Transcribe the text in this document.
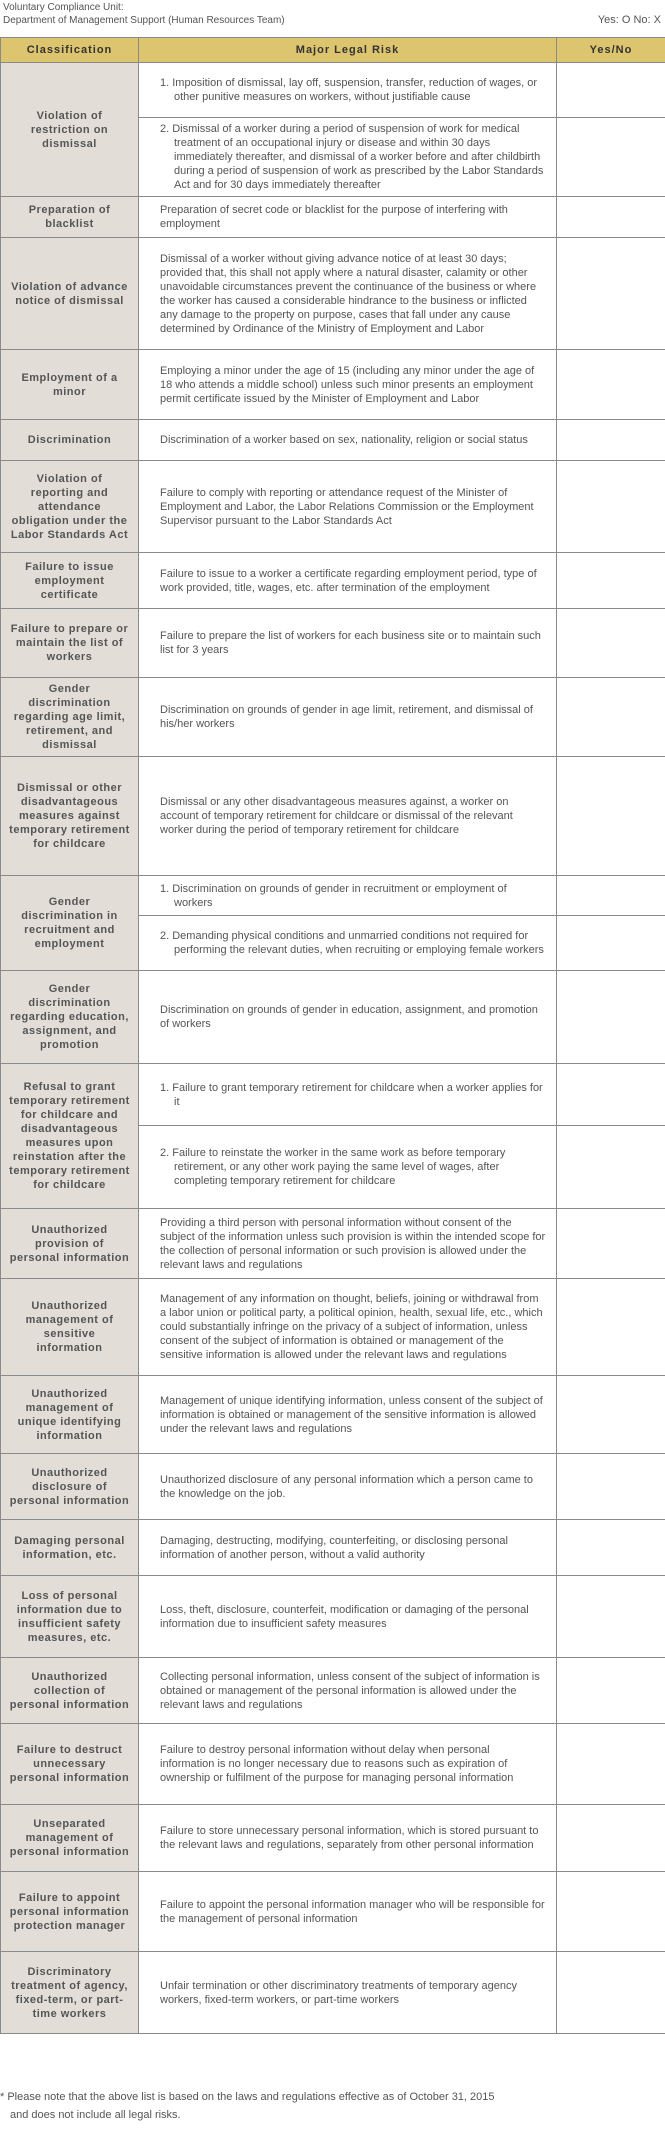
Voluntary Compliance Unit:
Department of Management Support (Human Resources Team)	Yes: O No: X
Classification	Major Legal Risk	Yes/No
Violation of restriction on dismissal	1. Imposition of dismissal, lay off, suspension, transfer, reduction of wages, or other punitive measures on workers, without justifiable cause	

	2. Dismissal of a worker during a period of suspension of work for medical treatment of an occupational injury or disease and within 30 days immediately thereafter, and dismissal of a worker before and after childbirth during a period of suspension of work as prescribed by the Labor Standards Act and for 30 days immediately thereafter	

Preparation of blacklist	Preparation of secret code or blacklist for the purpose of interfering with employment	
Violation of advance notice of dismissal	Dismissal of a worker without giving advance notice of at least 30 days; provided that, this shall not apply where a natural disaster, calamity or other unavoidable circumstances prevent the continuance of the business or where the worker has caused a considerable hindrance to the business or inflicted any damage to the property on purpose, cases that fall under any cause determined by Ordinance of the Ministry of Employment and Labor	
Employment of a minor	Employing a minor under the age of 15 (including any minor under the age of 18 who attends a middle school) unless such minor presents an employment permit certificate issued by the Minister of Employment and Labor	
Discrimination	Discrimination of a worker based on sex, nationality, religion or social status	
Violation of reporting and attendance obligation under the Labor Standards Act	Failure to comply with reporting or attendance request of the Minister of Employment and Labor, the Labor Relations Commission or the Employment Supervisor pursuant to the Labor Standards Act	
Failure to issue employment certificate	Failure to issue to a worker a certificate regarding employment period, type of work provided, title, wages, etc. after termination of the employment	
Failure to prepare or maintain the list of workers	Failure to prepare the list of workers for each business site or to maintain such list for 3 years	
Gender discrimination regarding age limit, retirement, and dismissal	Discrimination on grounds of gender in age limit, retirement, and dismissal of his/her workers	
Dismissal or other disadvantageous measures against temporary retirement for childcare	Dismissal or any other disadvantageous measures against, a worker on account of temporary retirement for childcare or dismissal of the relevant worker during the period of temporary retirement for childcare	
Gender discrimination in recruitment and employment	1. Discrimination on grounds of gender in recruitment or employment of workers	

	2. Demanding physical conditions and unmarried conditions not required for performing the relevant duties, when recruiting or employing female workers	

Gender discrimination regarding education, assignment, and promotion	Discrimination on grounds of gender in education, assignment, and promotion of workers	
Refusal to grant temporary retirement for childcare and disadvantageous measures upon reinstation after the temporary retirement for childcare	1. Failure to grant temporary retirement for childcare when a worker applies for it	

	2. Failure to reinstate the worker in the same work as before temporary retirement, or any other work paying the same level of wages, after completing temporary retirement for childcare	

Unauthorized provision of personal information	Providing a third person with personal information without consent of the subject of the information unless such provision is within the intended scope for the collection of personal information or such provision is allowed under the relevant laws and regulations	
Unauthorized management of sensitive information	Management of any information on thought, beliefs, joining or withdrawal from a labor union or political party, a political opinion, health, sexual life, etc., which could substantially infringe on the privacy of a subject of information, unless consent of the subject of information is obtained or management of the sensitive information is allowed under the relevant laws and regulations	
Unauthorized management of unique identifying information	Management of unique identifying information, unless consent of the subject of information is obtained or management of the sensitive information is allowed under the relevant laws and regulations	
Unauthorized disclosure of personal information	Unauthorized disclosure of any personal information which a person came to the knowledge on the job.	
Damaging personal information, etc.	Damaging, destructing, modifying, counterfeiting, or disclosing personal information of another person, without a valid authority	
Loss of personal information due to insufficient safety measures, etc.	Loss, theft, disclosure, counterfeit, modification or damaging of the personal information due to insufficient safety measures	
Unauthorized collection of personal information	Collecting personal information, unless consent of the subject of information is obtained or management of the personal information is allowed under the relevant laws and regulations	
Failure to destruct unnecessary personal information	Failure to destroy personal information without delay when personal information is no longer necessary due to reasons such as expiration of ownership or fulfilment of the purpose for managing personal information	
Unseparated management of personal information	Failure to store unnecessary personal information, which is stored pursuant to the relevant laws and regulations, separately from other personal information	
Failure to appoint personal information protection manager	Failure to appoint the personal information manager who will be responsible for the management of personal information	
Discriminatory treatment of agency, fixed-term, or part-time workers	Unfair termination or other discriminatory treatments of temporary agency workers, fixed-term workers, or part-time workers	
* Please note that the above list is based on the laws and regulations effective as of October 31, 2015
and does not include all legal risks.
